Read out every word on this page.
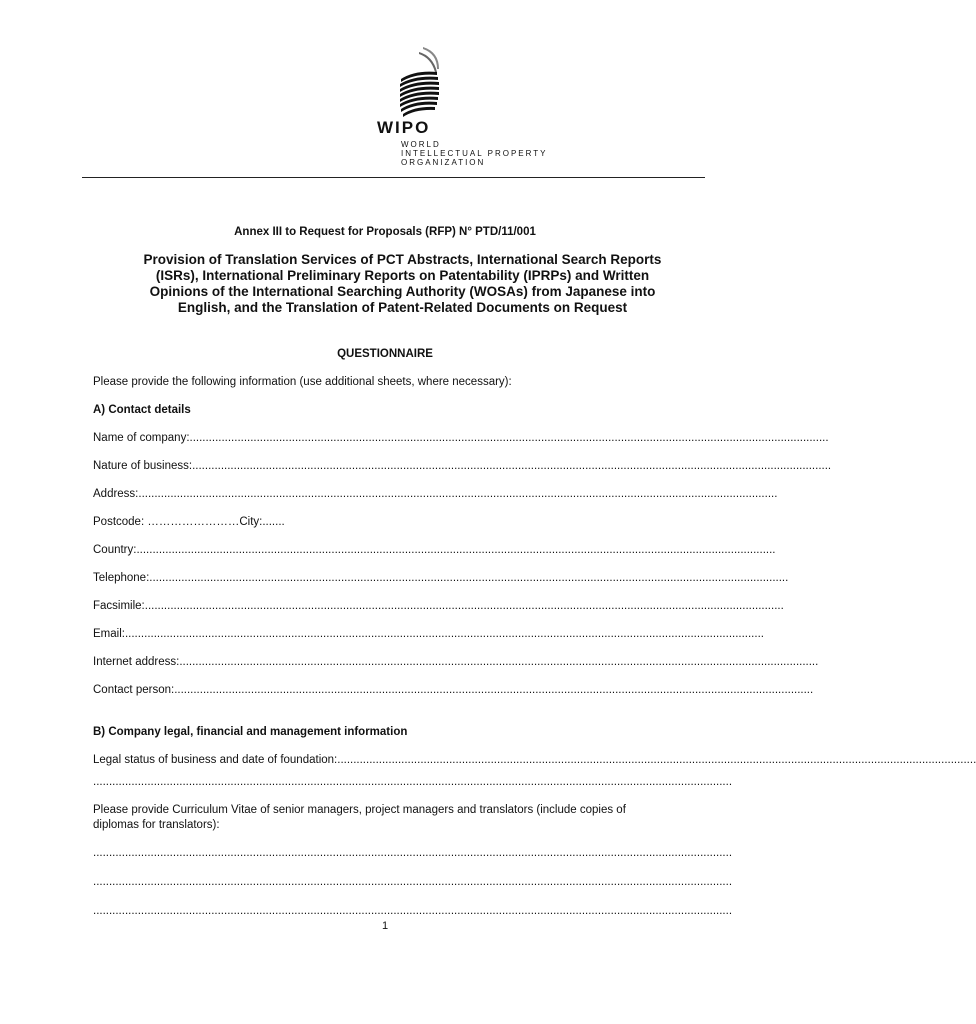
WIPO
WORLD
INTELLECTUAL PROPERTY
ORGANIZATION
Annex III to Request for Proposals (RFP) N° PTD/11/001
Provision of Translation Services of PCT Abstracts, International Search Reports (ISRs), International Preliminary Reports on Patentability (IPRPs) and Written Opinions of the International Searching Authority (WOSAs) from Japanese into English, and the Translation of Patent-Related Documents on Request
QUESTIONNAIRE
Please provide the following information (use additional sheets, where necessary):
A) Contact details
Name of company:........................................................................................................................................................................................................
Nature of business:........................................................................................................................................................................................................
Address:........................................................................................................................................................................................................
Postcode: ……………………City:.......
Country:........................................................................................................................................................................................................
Telephone:........................................................................................................................................................................................................
Facsimile:........................................................................................................................................................................................................
Email:........................................................................................................................................................................................................
Internet address:........................................................................................................................................................................................................
Contact person:........................................................................................................................................................................................................
B) Company legal, financial and management information
Legal status of business and date of foundation:........................................................................................................................................................................................................
........................................................................................................................................................................................................
Please provide Curriculum Vitae of senior managers, project managers and translators (include copies of diplomas for translators):
........................................................................................................................................................................................................
........................................................................................................................................................................................................
........................................................................................................................................................................................................
1
